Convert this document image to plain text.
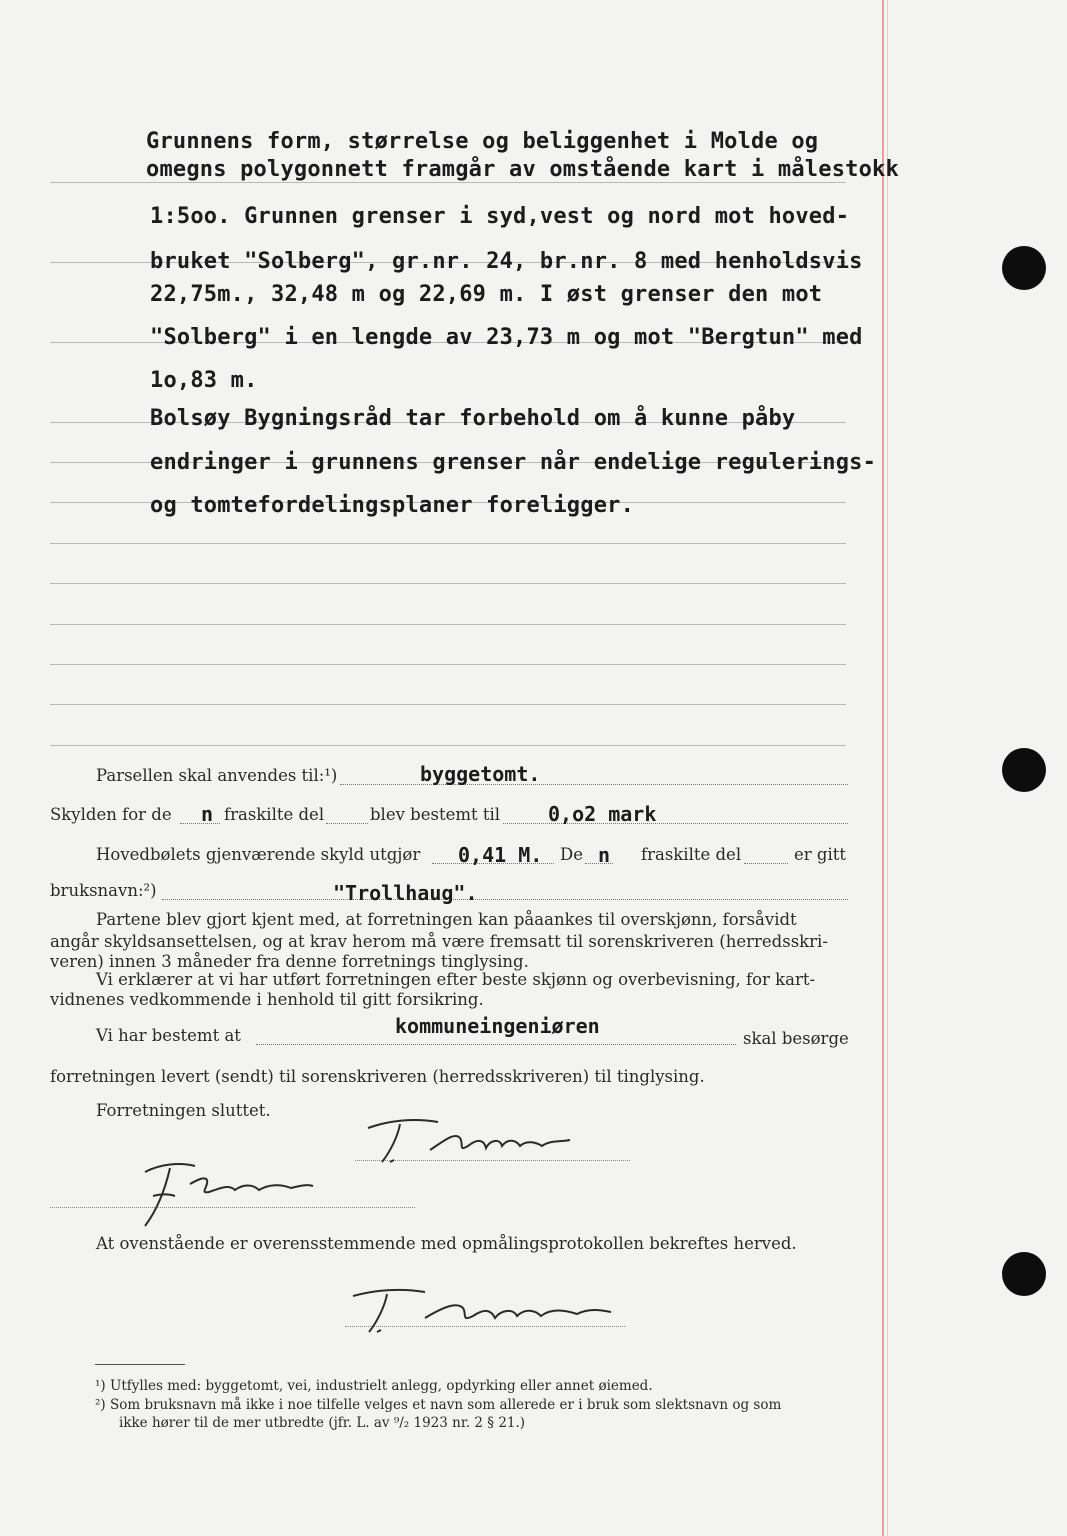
Grunnens form, størrelse og beliggenhet i Molde og
omegns polygonnett framgår av omstående kart i målestokk
1:5oo. Grunnen grenser i syd,vest og nord mot hoved-
bruket "Solberg", gr.nr. 24, br.nr. 8 med henholdsvis
22,75m., 32,48 m og 22,69 m. I øst grenser den mot
"Solberg" i en lengde av 23,73 m og mot "Bergtun" med
1o,83 m.
Bolsøy Bygningsråd tar forbehold om å kunne påby
endringer i grunnens grenser når endelige regulerings-
og tomtefordelingsplaner foreligger.
Parsellen skal anvendes til:¹)	byggetomt.
Skylden for de n fraskilte del	blev bestemt til 0,o2 mark
Hovedbølets gjenværende skyld utgjør 0,41 M. De n fraskilte del	er gitt
bruksnavn:²)	"Trollhaug".
Partene blev gjort kjent med, at forretningen kan påaankes til overskjønn, forsåvidt
angår skyldsansettelsen, og at krav herom må være fremsatt til sorenskriveren (herredsskri-
veren) innen 3 måneder fra denne forretnings tinglysing.
Vi erklærer at vi har utført forretningen efter beste skjønn og overbevisning, for kart-
vidnenes vedkommende i henhold til gitt forsikring.
Vi har bestemt at	kommuneingeniøren
skal besørge
forretningen levert (sendt) til sorenskriveren (herredsskriveren) til tinglysing.
Forretningen sluttet.
At ovenstående er overensstemmende med opmålingsprotokollen bekreftes herved.
¹) Utfylles med: byggetomt, vei, industrielt anlegg, opdyrking eller annet øiemed.
²) Som bruksnavn må ikke i noe tilfelle velges et navn som allerede er i bruk som slektsnavn og som
ikke hører til de mer utbredte (jfr. L. av ⁹/₂ 1923 nr. 2 § 21.)
